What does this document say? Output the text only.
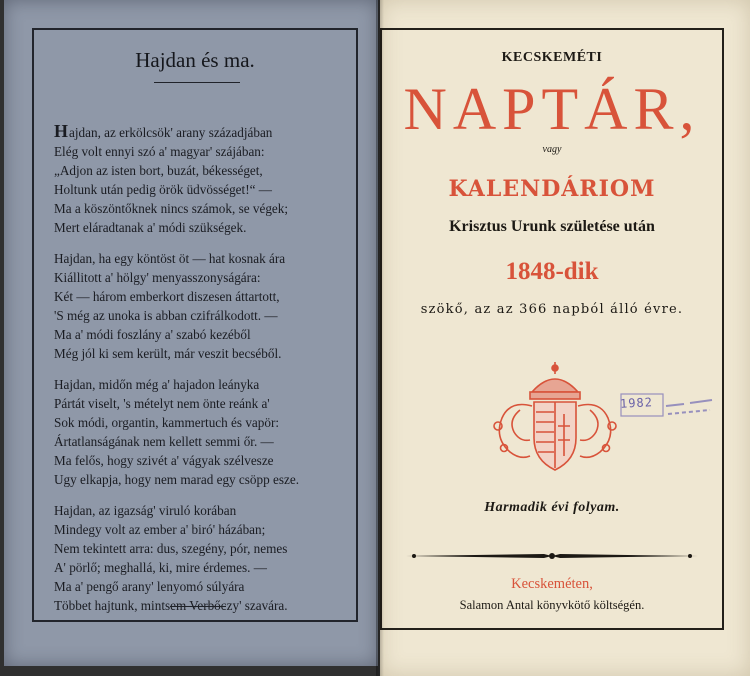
Hajdan és ma.
Hajdan, az erkölcsök' arany századjában
Elég volt ennyi szó a' magyar' szájában:
„Adjon az isten bort, buzát, békességet,
Holtunk után pedig örök üdvösséget!“ —
Ma a köszöntőknek nincs számok, se végek;
Mert eláradtanak a' módi szükségek.
Hajdan, ha egy köntöst öt — hat kosnak ára
Kiállitott a' hölgy' menyasszonyságára:
Két — három emberkort diszesen áttartott,
'S még az unoka is abban czifrálkodott. —
Ma a' módi foszlány a' szabó kezéből
Még jól ki sem került, már veszit becséből.
Hajdan, midőn még a' hajadon leányka
Pártát viselt, 's mételyt nem önte reánk a'
Sok módi, organtin, kammertuch és vapör:
Ártatlanságának nem kellett semmi őr. —
Ma felős, hogy szivét a' vágyak szélvesze
Ugy elkapja, hogy nem marad egy csöpp esze.
Hajdan, az igazság' viruló korában
Mindegy volt az ember a' biró' házában;
Nem tekintett arra: dus, szegény, pór, nemes
A' pörlő; meghallá, ki, mire érdemes. —
Ma a' pengő arany' lenyomó súlyára
Többet hajtunk, mintsem Verbőczy' szavára.
KECSKEMÉTI
NAPTÁR,
vagy
KALENDÁRIOM
Krisztus Urunk születése után
1848-dik
szökő, az az 366 napból álló évre.
1982
Harmadik évi folyam.
Kecskeméten,
Salamon Antal könyvkötő költségén.
